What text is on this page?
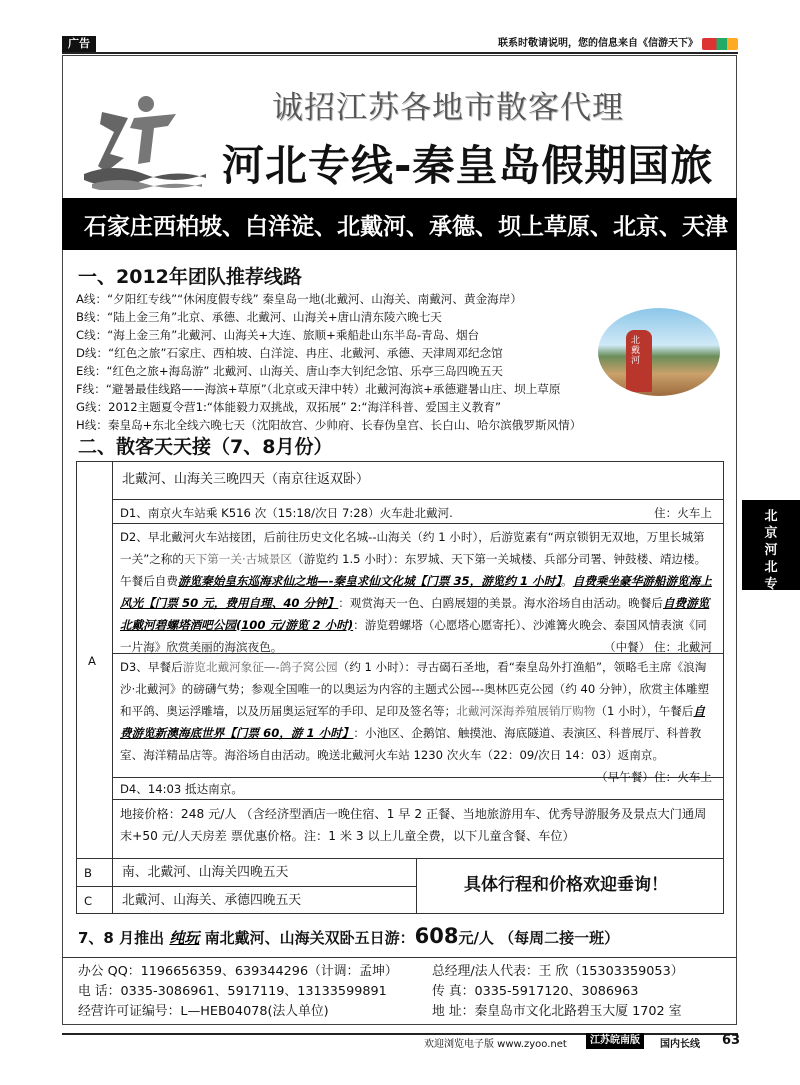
广告	联系时敬请说明，您的信息来自《信游天下》
诚招江苏各地市散客代理
河北专线-秦皇岛假期国旅
石家庄西柏坡、白洋淀、北戴河、承德、坝上草原、北京、天津
一、2012年团队推荐线路
A线：“夕阳红专线”“休闲度假专线” 秦皇岛一地(北戴河、山海关、南戴河、黄金海岸）
B线：“陆上金三角”北京、承德、北戴河、山海关+唐山清东陵六晚七天
C线：“海上金三角”北戴河、山海关+大连、旅顺+乘船赴山东半岛-青岛、烟台
D线：“红色之旅”石家庄、西柏坡、白洋淀、冉庄、北戴河、承德、天津周邓纪念馆
E线：“红色之旅+海岛游” 北戴河、山海关、唐山李大钊纪念馆、乐亭三岛四晚五天
F线：“避暑最佳线路——海滨+草原”（北京或天津中转）北戴河海滨+承德避暑山庄、坝上草原
G线：2012主题夏令营1:“体能毅力双挑战，双拓展” 2:“海洋科普、爱国主义教育”
H线：秦皇岛+东北全线六晚七天（沈阳故宫、少帅府、长春伪皇宫、长白山、哈尔滨俄罗斯风情）
北戴河
二、散客天天接（7、8月份）
A
北戴河、山海关三晚四天（南京往返双卧）
住：火车上
D1、南京火车站乘 K516 次（15:18/次日 7:28）火车赴北戴河.
D2、早北戴河火车站接团，后前往历史文化名城--山海关（约 1 小时），后游览素有“两京锁钥无双地，万里长城第一关”之称的天下第一关·古城景区（游览约 1.5 小时）：东罗城、天下第一关城楼、兵部分司署、钟鼓楼、靖边楼。午餐后自费游览秦始皇东巡海求仙之地—-秦皇求仙文化城【门票 35，游览约 1 小时】。自费乘坐豪华游船游览海上风光【门票 50 元，费用自理、40 分钟】：观赏海天一色、白鸥展翅的美景。海水浴场自由活动。晚餐后自费游览北戴河碧螺塔酒吧公园(100 元/游览 2 小时)：游览碧螺塔（心愿塔心愿寄托）、沙滩篝火晚会、泰国风情表演《同一片海》欣赏美丽的海滨夜色。	（中餐） 住：北戴河
D3、早餐后游览北戴河象征—-鸽子窝公园（约 1 小时）：寻古碣石圣地，看“秦皇岛外打渔船”，领略毛主席《浪淘沙·北戴河》的磅礴气势；参观全国唯一的以奥运为内容的主题式公园---奥林匹克公园（约 40 分钟），欣赏主体雕塑和平鸽、奥运浮雕墙，以及历届奥运冠军的手印、足印及签名等；北戴河深海养殖展销厅购物（1 小时），午餐后自费游览新澳海底世界【门票 60，游 1 小时】：小池区、企鹅馆、触摸池、海底隧道、表演区、科普展厅、科普教室、海洋精品店等。海浴场自由活动。晚送北戴河火车站 1230 次火车（22：09/次日 14：03）返南京。
（早午餐）住：火车上
D4、14:03 抵达南京。
地接价格：248 元/人 （含经济型酒店一晚住宿、1 早 2 正餐、当地旅游用车、优秀导游服务及景点大门通周末+50 元/人天房差 票优惠价格。注：1 米 3 以上儿童全费，以下儿童含餐、车位）
B 南、北戴河、山海关四晚五天
C 北戴河、山海关、承德四晚五天
具体行程和价格欢迎垂询！
7、8 月推出 纯玩 南北戴河、山海关双卧五日游：608元/人 （每周二接一班）
办公 QQ：1196656359、639344296（计调：孟坤）
电 话：0335-3086961、5917119、13133599891
经营许可证编号：L—HEB04078(法人单位)
总经理/法人代表：王 欣（15303359053）
传 真：0335-5917120、3086963
地 址：秦皇岛市文化北路碧玉大厦 1702 室
北京河北专线
欢迎浏览电子版 www.zyoo.net	江苏皖南版	国内长线 63
